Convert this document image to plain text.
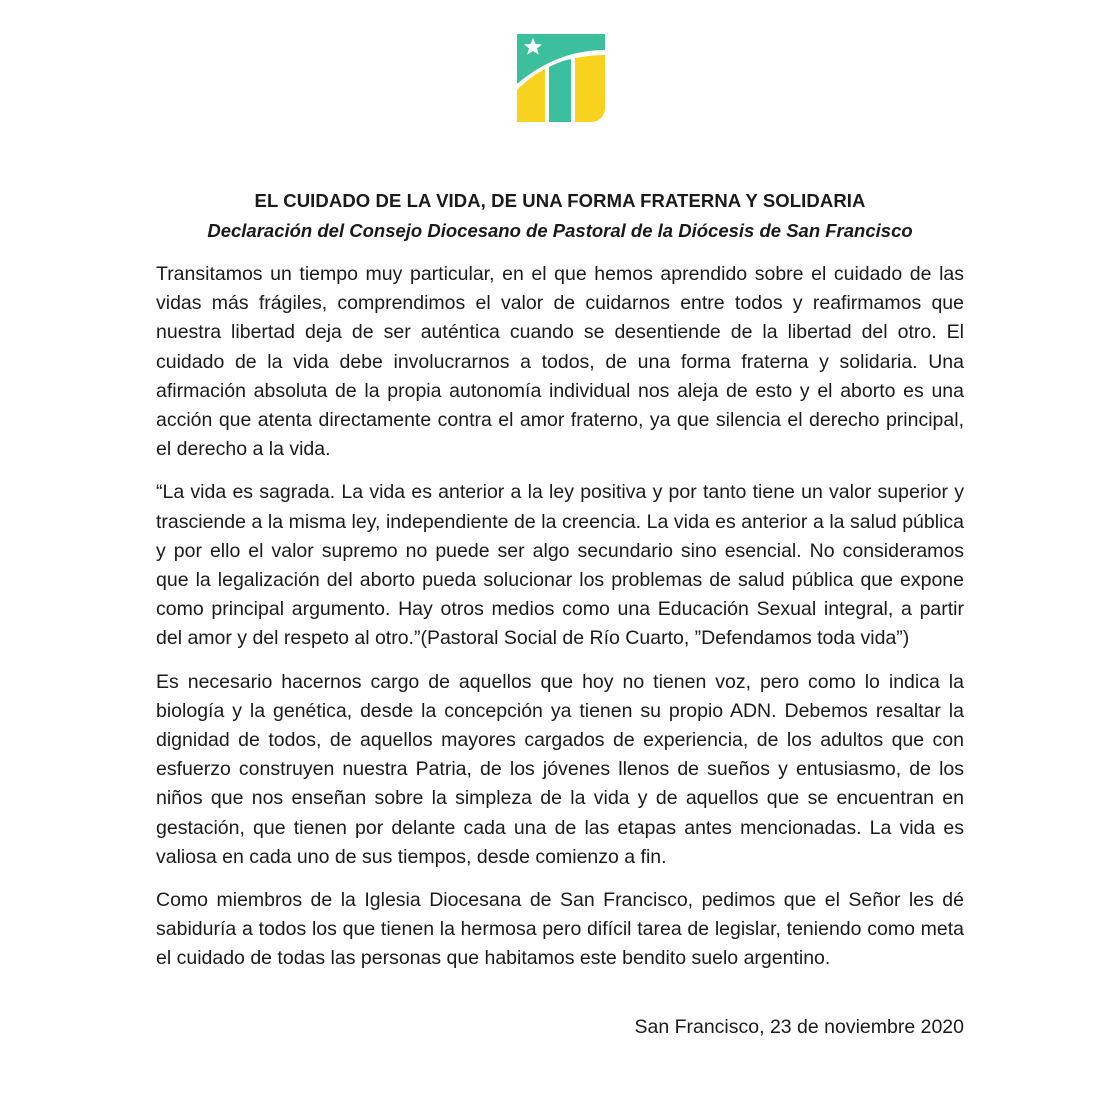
EL CUIDADO DE LA VIDA, DE UNA FORMA FRATERNA Y SOLIDARIA
Declaración del Consejo Diocesano de Pastoral de la Diócesis de San Francisco

Transitamos un tiempo muy particular, en el que hemos aprendido sobre el cuidado de las vidas más frágiles, comprendimos el valor de cuidarnos entre todos y reafirmamos que nuestra libertad deja de ser auténtica cuando se desentiende de la libertad del otro. El cuidado de la vida debe involucrarnos a todos, de una forma fraterna y solidaria. Una afirmación absoluta de la propia autonomía individual nos aleja de esto y el aborto es una acción que atenta directamente contra el amor fraterno, ya que silencia el derecho principal, el derecho a la vida.

“La vida es sagrada. La vida es anterior a la ley positiva y por tanto tiene un valor superior y trasciende a la misma ley, independiente de la creencia. La vida es anterior a la salud pública y por ello el valor supremo no puede ser algo secundario sino esencial. No consideramos que la legalización del aborto pueda solucionar los problemas de salud pública que expone como principal argumento. Hay otros medios como una Educación Sexual integral, a partir del amor y del respeto al otro.”(Pastoral Social de Río Cuarto, ”Defendamos toda vida”)

Es necesario hacernos cargo de aquellos que hoy no tienen voz, pero como lo indica la biología y la genética, desde la concepción ya tienen su propio ADN. Debemos resaltar la dignidad de todos, de aquellos mayores cargados de experiencia, de los adultos que con esfuerzo construyen nuestra Patria, de los jóvenes llenos de sueños y entusiasmo, de los niños que nos enseñan sobre la simpleza de la vida y de aquellos que se encuentran en gestación, que tienen por delante cada una de las etapas antes mencionadas. La vida es valiosa en cada uno de sus tiempos, desde comienzo a fin.

Como miembros de la Iglesia Diocesana de San Francisco, pedimos que el Señor les dé sabiduría a todos los que tienen la hermosa pero difícil tarea de legislar, teniendo como meta el cuidado de todas las personas que habitamos este bendito suelo argentino.

San Francisco, 23 de noviembre 2020
